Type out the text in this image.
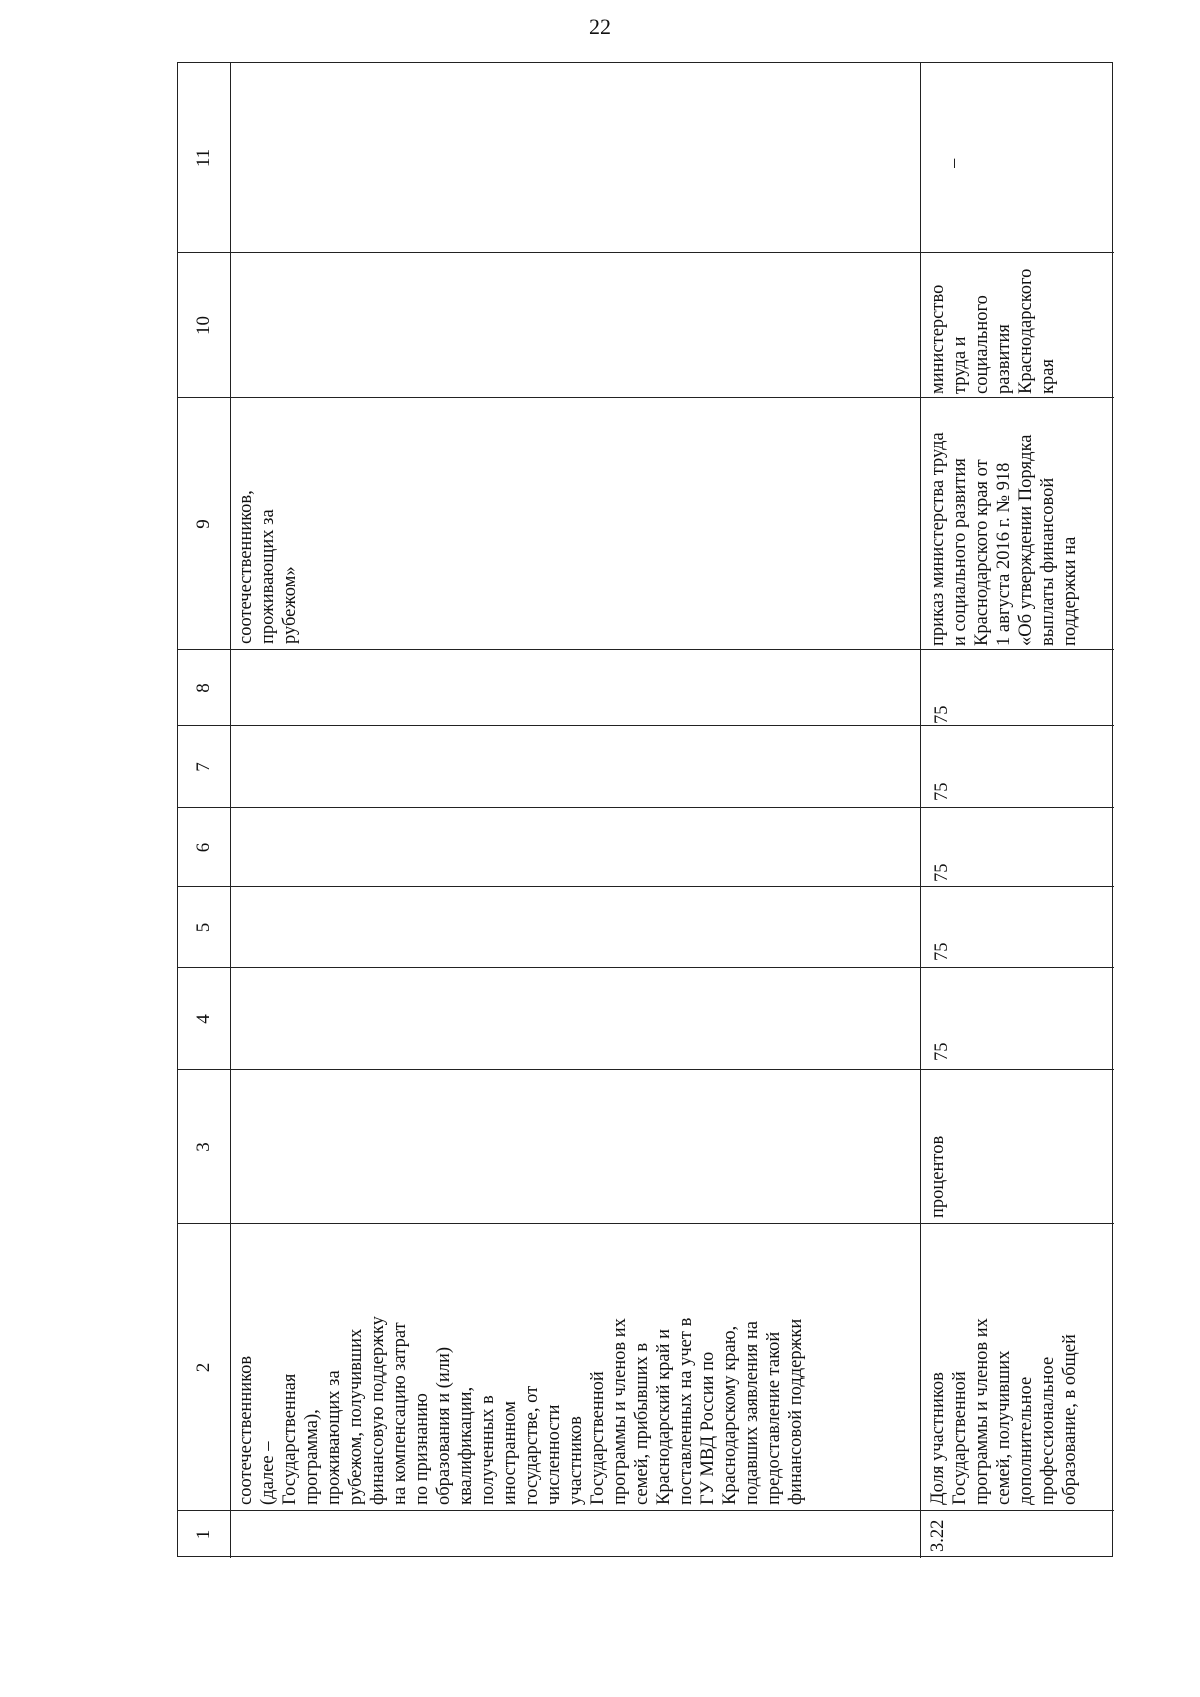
22
1
2
3
4
5
6
7
8
9
10
11
соотечественников
(далее –
Государственная
программа),
проживающих за
рубежом, получивших
финансовую поддержку
на компенсацию затрат
по признанию
образования и (или)
квалификации,
полученных в
иностранном
государстве, от
численности
участников
Государственной
программы и членов их
семей, прибывших в
Краснодарский край и
поставленных на учет в
ГУ МВД России по
Краснодарскому краю,
подавших заявления на
предоставление такой
финансовой поддержки
соотечественников,
проживающих за
рубежом»
3.22
Доля участников
Государственной
программы и членов их
семей, получивших
дополнительное
профессиональное
образование, в общей
процентов
75
75
75
75
75
приказ министерства труда
и социального развития
Краснодарского края от
1 августа 2016 г. № 918
«Об утверждении Порядка
выплаты финансовой
поддержки на
министерство
труда и
социального
развития
Краснодарского
края
–
